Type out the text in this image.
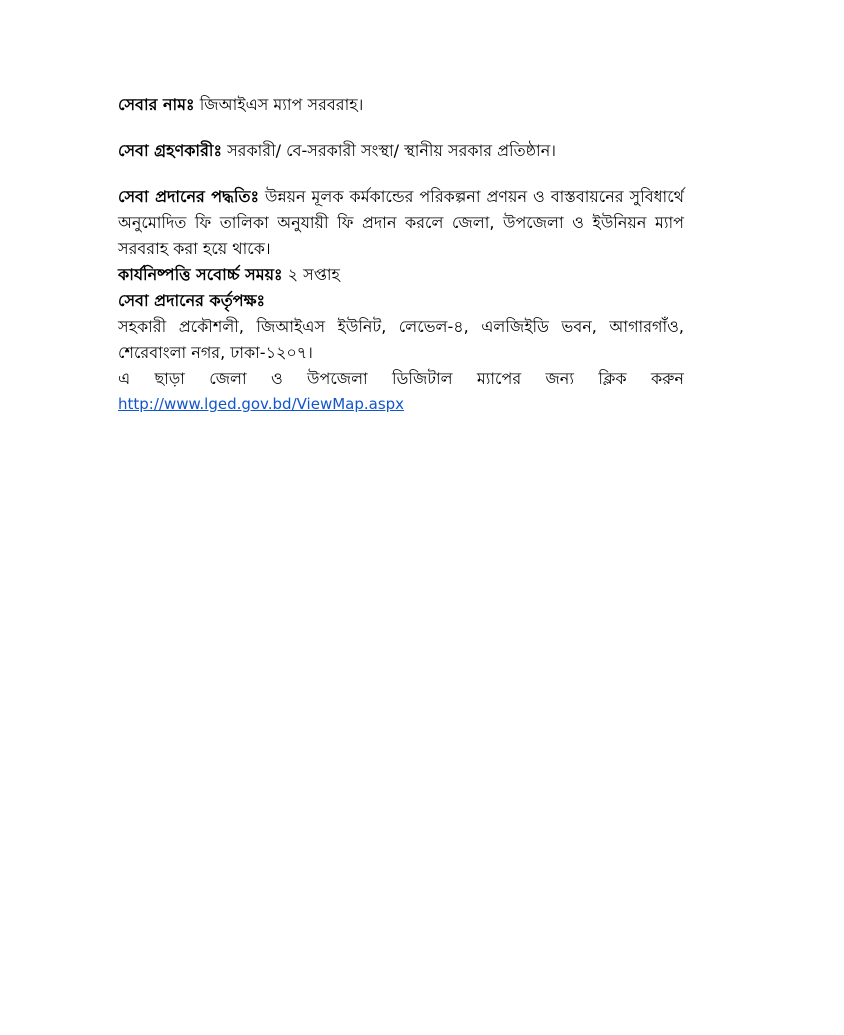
সেবার নামঃ জিআইএস ম্যাপ সরবরাহ।

সেবা গ্রহণকারীঃ সরকারী/ বে-সরকারী সংস্থা/ স্থানীয় সরকার প্রতিষ্ঠান।

সেবা প্রদানের পদ্ধতিঃ উন্নয়ন মূলক কর্মকান্ডের পরিকল্পনা প্রণয়ন ও বাস্তবায়নের সুবিধার্থে অনুমোদিত ফি তালিকা অনুযায়ী ফি প্রদান করলে জেলা, উপজেলা ও ইউনিয়ন ম্যাপ সরবরাহ করা হয়ে থাকে।

কার্যনিষ্পত্তি সবোর্চ্চ সময়ঃ ২ সপ্তাহ

সেবা প্রদানের কর্তৃপক্ষঃ

সহকারী প্রকৌশলী, জিআইএস ইউনিট, লেভেল-৪, এলজিইডি ভবন, আগারগাঁও, শেরেবাংলা নগর, ঢাকা-১২০৭।

এ ছাড়া জেলা ও উপজেলা ডিজিটাল ম্যাপের জন্য ক্লিক করুন
http://www.lged.gov.bd/ViewMap.aspx
